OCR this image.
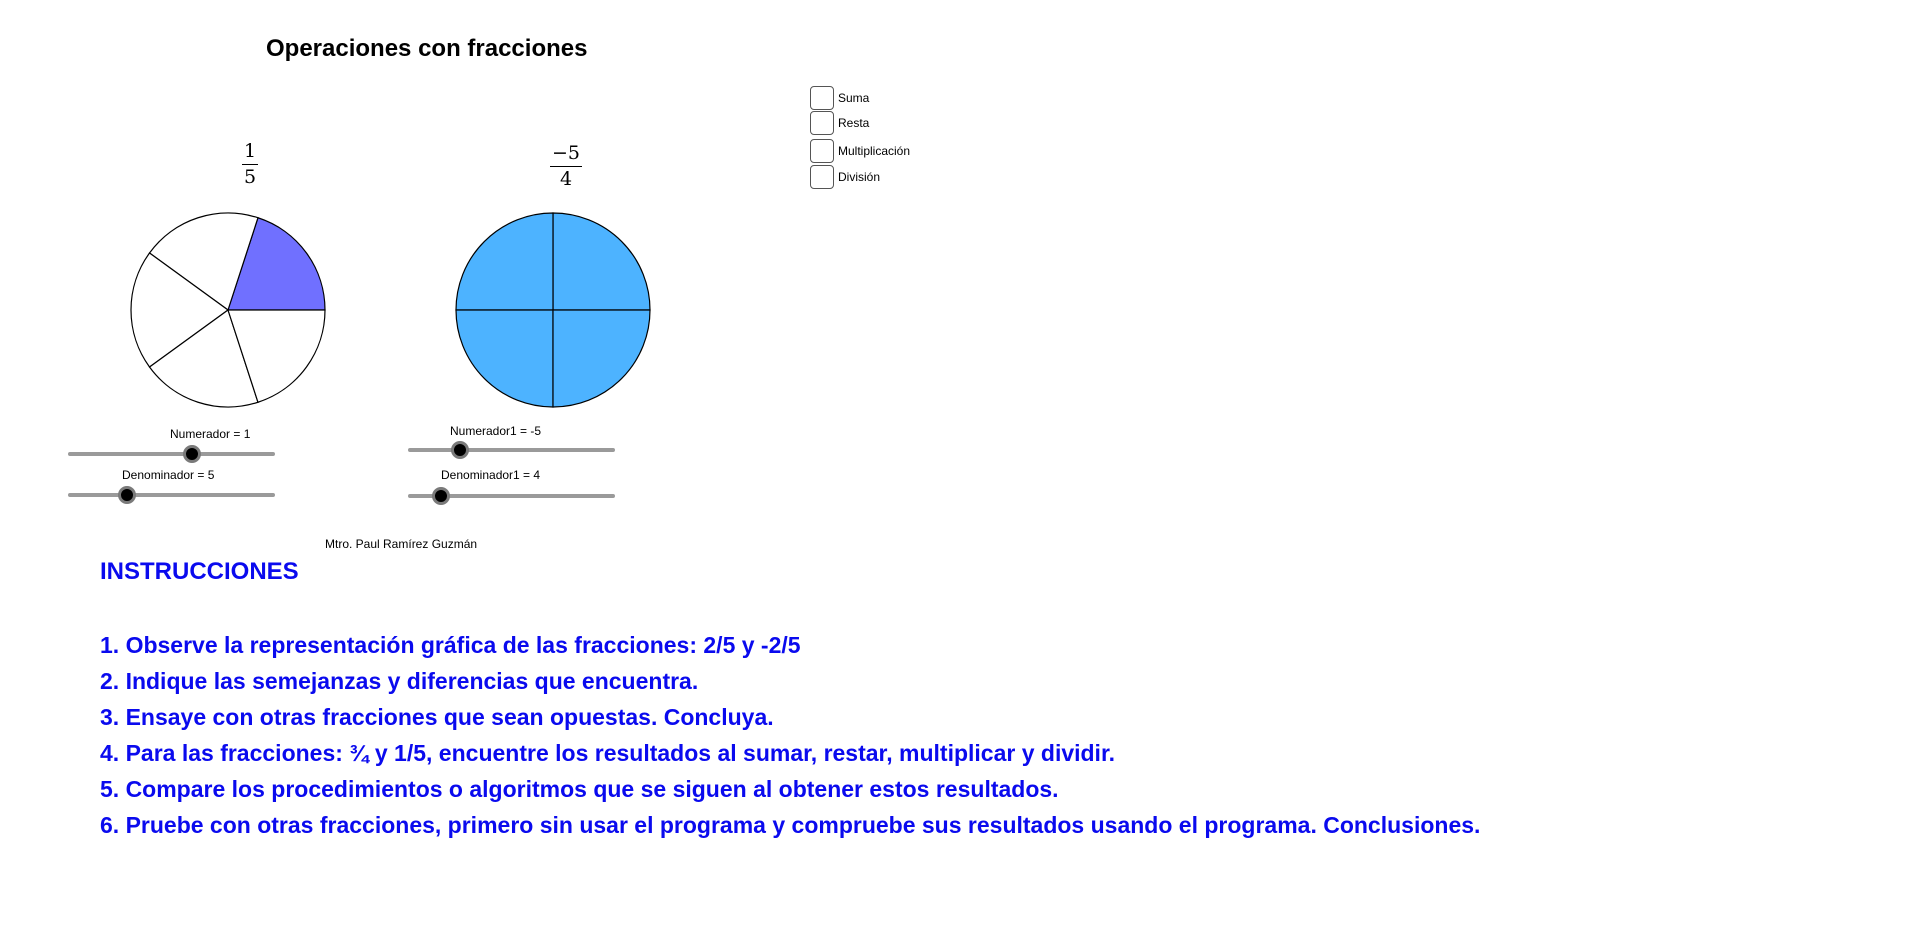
Operaciones con fracciones
1
5
−5
4
Numerador = 1
Denominador = 5
Numerador1 = -5
Denominador1 = 4
Suma
Resta
Multiplicación
División
Mtro. Paul Ramírez Guzmán
INSTRUCCIONES
1. Observe la representación gráfica de las fracciones: 2/5 y -2/5
2. Indique las semejanzas y diferencias que encuentra.
3. Ensaye con otras fracciones que sean opuestas. Concluya.
4. Para las fracciones: ¾ y 1/5, encuentre los resultados al sumar, restar, multiplicar y dividir.
5. Compare los procedimientos o algoritmos que se siguen al obtener estos resultados.
6. Pruebe con otras fracciones, primero sin usar el programa y compruebe sus resultados usando el programa. Conclusiones.
